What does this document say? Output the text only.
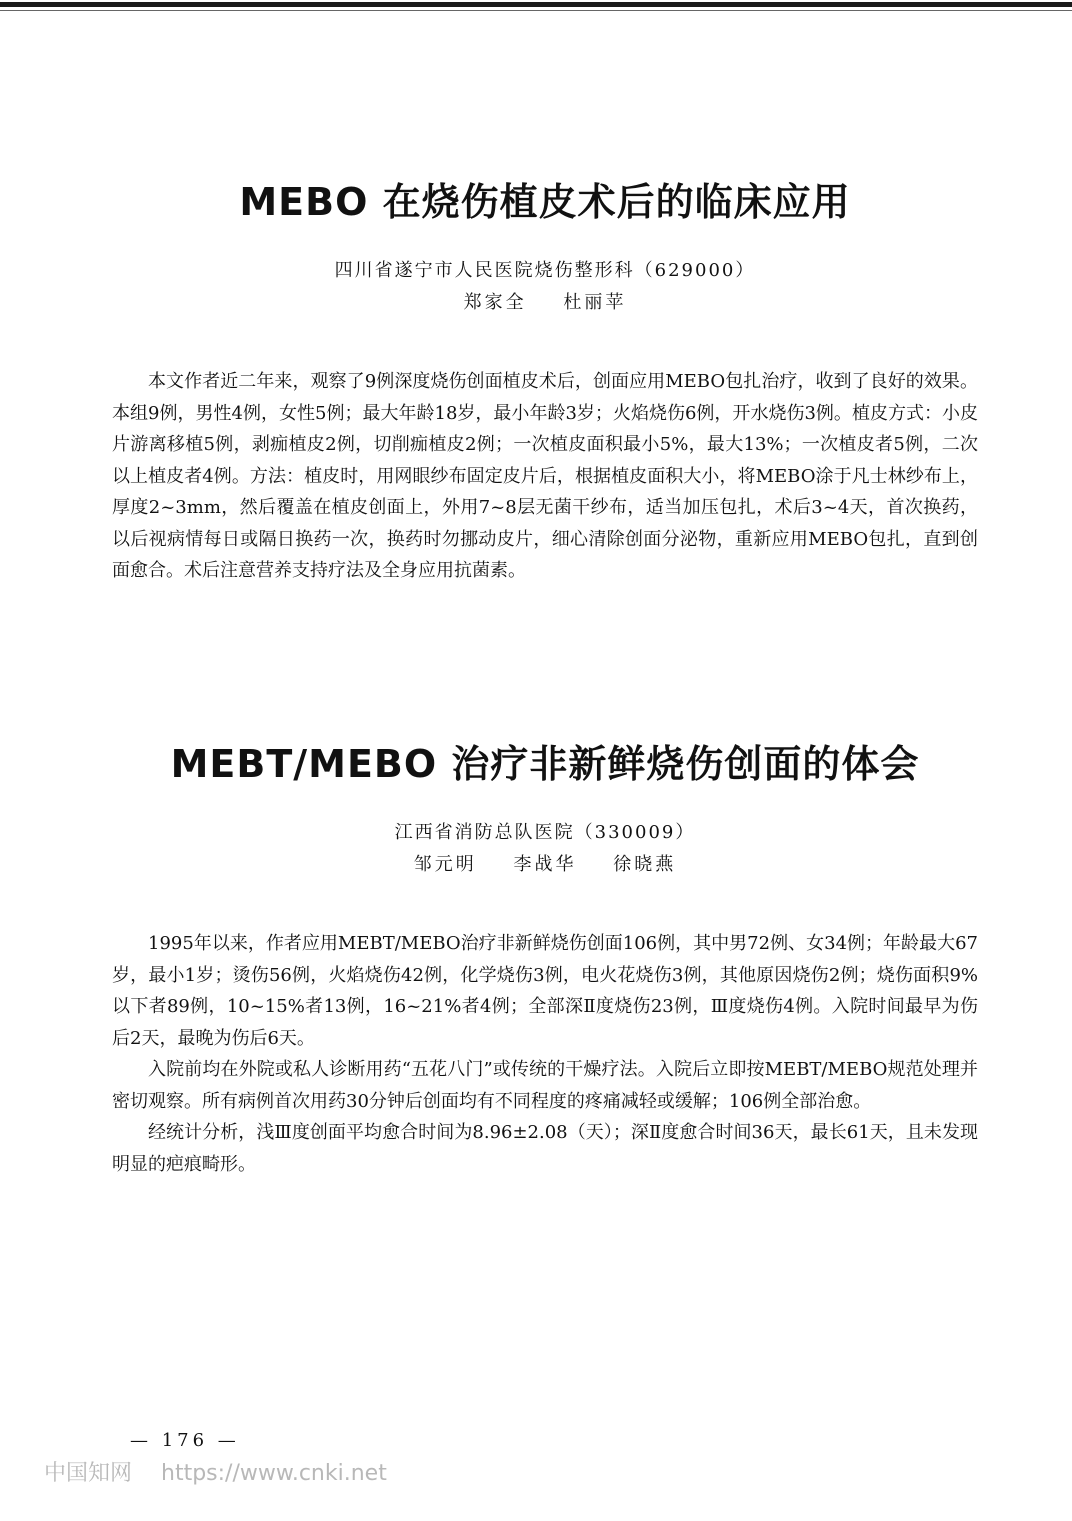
MEBO 在烧伤植皮术后的临床应用
四川省遂宁市人民医院烧伤整形科（629000）
郑家全 杜丽苹

本文作者近二年来，观察了9例深度烧伤创面植皮术后，创面应用MEBO包扎治疗，收到了良好的效果。本组9例，男性4例，女性5例；最大年龄18岁，最小年龄3岁；火焰烧伤6例，开水烧伤3例。植皮方式：小皮片游离移植5例，剥痂植皮2例，切削痂植皮2例；一次植皮面积最小5%，最大13%；一次植皮者5例，二次以上植皮者4例。方法：植皮时，用网眼纱布固定皮片后，根据植皮面积大小，将MEBO涂于凡士林纱布上，厚度2~3mm，然后覆盖在植皮创面上，外用7~8层无菌干纱布，适当加压包扎，术后3~4天，首次换药，以后视病情每日或隔日换药一次，换药时勿挪动皮片，细心清除创面分泌物，重新应用MEBO包扎，直到创面愈合。术后注意营养支持疗法及全身应用抗菌素。

MEBT/MEBO 治疗非新鲜烧伤创面的体会
江西省消防总队医院（330009）
邹元明 李战华 徐晓燕

1995年以来，作者应用MEBT/MEBO治疗非新鲜烧伤创面106例，其中男72例、女34例；年龄最大67岁，最小1岁；烫伤56例，火焰烧伤42例，化学烧伤3例，电火花烧伤3例，其他原因烧伤2例；烧伤面积9%以下者89例，10~15%者13例，16~21%者4例；全部深Ⅱ度烧伤23例，Ⅲ度烧伤4例。入院时间最早为伤后2天，最晚为伤后6天。

入院前均在外院或私人诊断用药“五花八门”或传统的干燥疗法。入院后立即按MEBT/MEBO规范处理并密切观察。所有病例首次用药30分钟后创面均有不同程度的疼痛减轻或缓解；106例全部治愈。

经统计分析，浅Ⅲ度创面平均愈合时间为8.96±2.08（天）；深Ⅱ度愈合时间36天，最长61天，且未发现明显的疤痕畸形。

— 176 —
中国知网 https://www.cnki.net
